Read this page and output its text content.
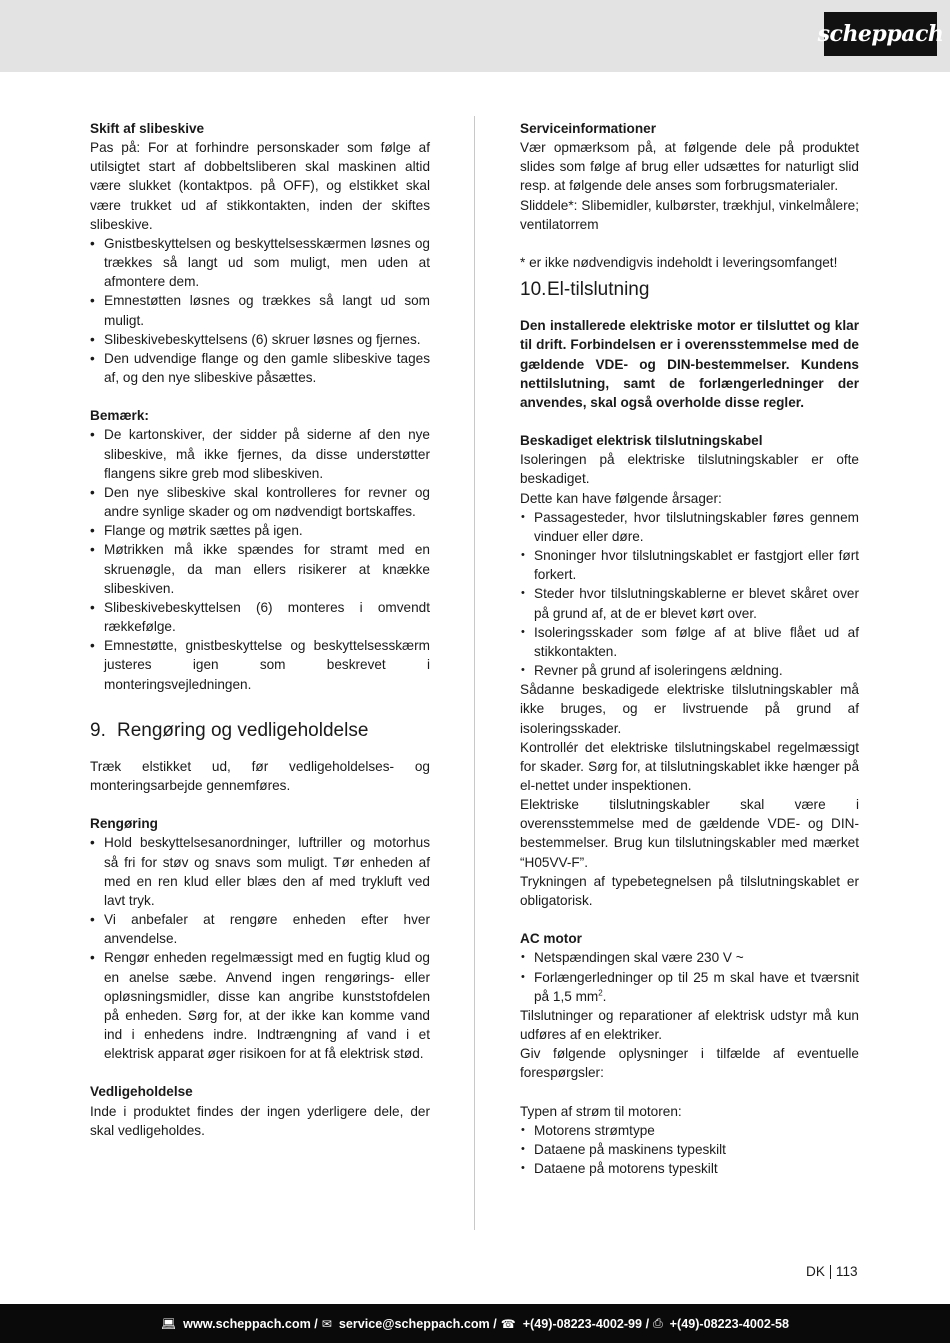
scheppach

Skift af slibeskive

Pas på: For at forhindre personskader som følge af utilsigtet start af dobbeltsliberen skal maskinen altid være slukket (kontaktpos. på OFF), og elstikket skal være trukket ud af stikkontakten, inden der skiftes slibeskive.

• Gnistbeskyttelsen og beskyttelsesskærmen løsnes og trækkes så langt ud som muligt, men uden at afmontere dem.
• Emnestøtten løsnes og trækkes så langt ud som muligt.
• Slibeskivebeskyttelsens (6) skruer løsnes og fjernes.
• Den udvendige flange og den gamle slibeskive tages af, og den nye slibeskive påsættes.

Bemærk:

• De kartonskiver, der sidder på siderne af den nye slibeskive, må ikke fjernes, da disse understøtter flangens sikre greb mod slibeskiven.
• Den nye slibeskive skal kontrolleres for revner og andre synlige skader og om nødvendigt bortskaffes.
• Flange og møtrik sættes på igen.
• Møtrikken må ikke spændes for stramt med en skruenøgle, da man ellers risikerer at knække slibeskiven.
• Slibeskivebeskyttelsen (6) monteres i omvendt rækkefølge.
• Emnestøtte, gnistbeskyttelse og beskyttelsesskærm justeres igen som beskrevet i monteringsvejledningen.
9. Rengøring og vedligeholdelse

Træk elstikket ud, før vedligeholdelses- og monteringsarbejde gennemføres.

Rengøring

• Hold beskyttelsesanordninger, luftriller og motorhus så fri for støv og snavs som muligt. Tør enheden af med en ren klud eller blæs den af med trykluft ved lavt tryk.
• Vi anbefaler at rengøre enheden efter hver anvendelse.
• Rengør enheden regelmæssigt med en fugtig klud og en anelse sæbe. Anvend ingen rengørings- eller opløsningsmidler, disse kan angribe kunststofdelen på enheden. Sørg for, at der ikke kan komme vand ind i enhedens indre. Indtrængning af vand i et elektrisk apparat øger risikoen for at få elektrisk stød.

Vedligeholdelse

Inde i produktet findes der ingen yderligere dele, der skal vedligeholdes.

Serviceinformationer

Vær opmærksom på, at følgende dele på produktet slides som følge af brug eller udsættes for naturligt slid resp. at følgende dele anses som forbrugsmaterialer.

Sliddele*: Slibemidler, kulbørster, trækhjul, vinkelmålere; ventilatorrem

* er ikke nødvendigvis indeholdt i leveringsomfanget!

10.El-tilslutning

Den installerede elektriske motor er tilsluttet og klar til drift. Forbindelsen er i overensstemmelse med de gældende VDE- og DIN-bestemmelser. Kundens nettilslutning, samt de forlængerledninger der anvendes, skal også overholde disse regler.

Beskadiget elektrisk tilslutningskabel

Isoleringen på elektriske tilslutningskabler er ofte beskadiget.

Dette kan have følgende årsager:

• Passagesteder, hvor tilslutningskabler føres gennem vinduer eller døre.
• Snoninger hvor tilslutningskablet er fastgjort eller ført forkert.
• Steder hvor tilslutningskablerne er blevet skåret over på grund af, at de er blevet kørt over.
• Isoleringsskader som følge af at blive flået ud af stikkontakten.
• Revner på grund af isoleringens ældning.

Sådanne beskadigede elektriske tilslutningskabler må ikke bruges, og er livstruende på grund af isoleringsskader.

Kontrollér det elektriske tilslutningskabel regelmæssigt for skader. Sørg for, at tilslutningskablet ikke hænger på el-nettet under inspektionen.

Elektriske tilslutningskabler skal være i overensstemmelse med de gældende VDE- og DIN-bestemmelser. Brug kun tilslutningskabler med mærket “H05VV-F”.

Trykningen af typebetegnelsen på tilslutningskablet er obligatorisk.

AC motor

• Netspændingen skal være 230 V ~
• Forlængerledninger op til 25 m skal have et tværsnit på 1,5 $mm^2$.

Tilslutninger og reparationer af elektrisk udstyr må kun udføres af en elektriker.

Giv følgende oplysninger i tilfælde af eventuelle forespørgsler:

Typen af strøm til motoren:

• Motorens strømtype
• Dataene på maskinens typeskilt
• Dataene på motorens typeskilt
DK 113
💻︎ www.scheppach.com / ✉︎ service@scheppach.com / ☎︎ +(49)-08223-4002-99 / ⎙ +(49)-08223-4002-58
